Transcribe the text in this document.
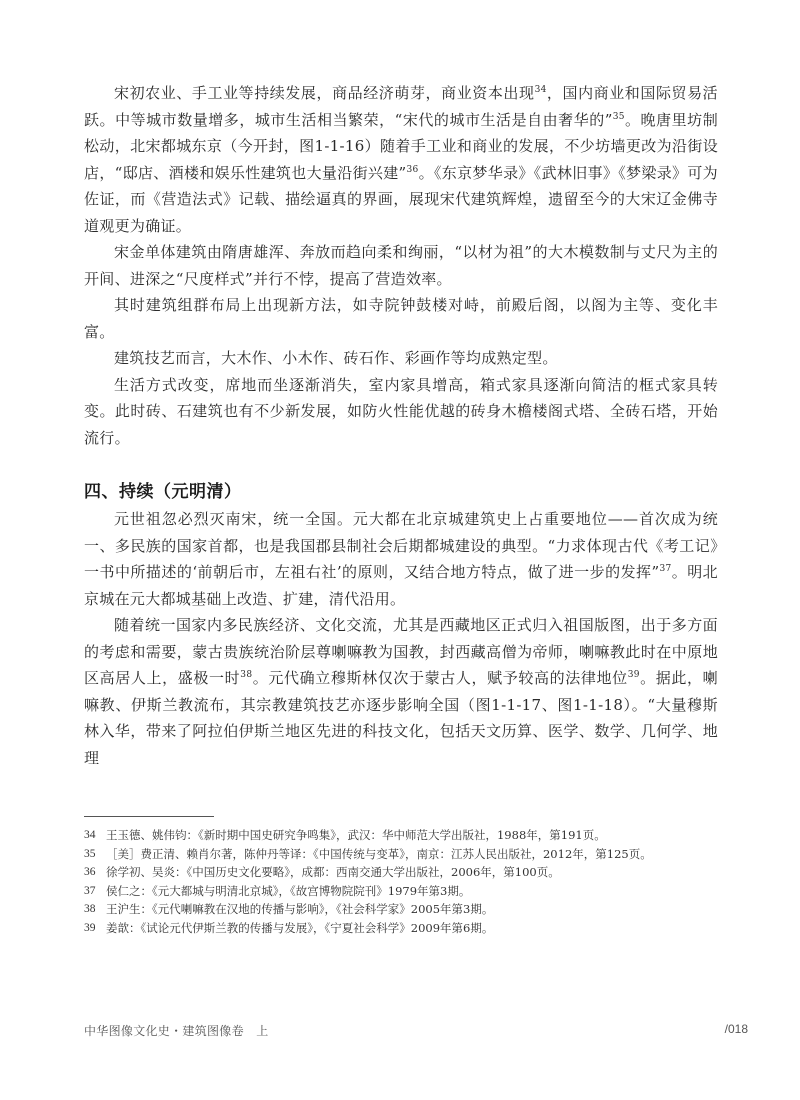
宋初农业、手工业等持续发展，商品经济萌芽，商业资本出现$^{34}$，国内商业和国际贸易活跃。中等城市数量增多，城市生活相当繁荣，“宋代的城市生活是自由奢华的”$^{35}$。晚唐里坊制松动，北宋都城东京（今开封，图1-1-16）随着手工业和商业的发展，不少坊墙更改为沿街设店，“邸店、酒楼和娱乐性建筑也大量沿街兴建”$^{36}$。《东京梦华录》《武林旧事》《梦梁录》可为佐证，而《营造法式》记载、描绘逼真的界画，展现宋代建筑辉煌，遗留至今的大宋辽金佛寺道观更为确证。

宋金单体建筑由隋唐雄浑、奔放而趋向柔和绚丽，“以材为祖”的大木模数制与丈尺为主的开间、进深之“尺度样式”并行不悖，提高了营造效率。

其时建筑组群布局上出现新方法，如寺院钟鼓楼对峙，前殿后阁，以阁为主等、变化丰富。

建筑技艺而言，大木作、小木作、砖石作、彩画作等均成熟定型。

生活方式改变，席地而坐逐渐消失，室内家具增高，箱式家具逐渐向简洁的框式家具转变。此时砖、石建筑也有不少新发展，如防火性能优越的砖身木檐楼阁式塔、全砖石塔，开始流行。

四、持续（元明清）

元世祖忽必烈灭南宋，统一全国。元大都在北京城建筑史上占重要地位——首次成为统一、多民族的国家首都，也是我国郡县制社会后期都城建设的典型。“力求体现古代《考工记》一书中所描述的‘前朝后市，左祖右社’的原则，又结合地方特点，做了进一步的发挥”$^{37}$。明北京城在元大都城基础上改造、扩建，清代沿用。

随着统一国家内多民族经济、文化交流，尤其是西藏地区正式归入祖国版图，出于多方面的考虑和需要，蒙古贵族统治阶层尊喇嘛教为国教，封西藏高僧为帝师，喇嘛教此时在中原地区高居人上，盛极一时$^{38}$。元代确立穆斯林仅次于蒙古人，赋予较高的法律地位$^{39}$。据此，喇嘛教、伊斯兰教流布，其宗教建筑技艺亦逐步影响全国（图1-1-17、图1-1-18）。“大量穆斯林入华，带来了阿拉伯伊斯兰地区先进的科技文化，包括天文历算、医学、数学、几何学、地理

34 王玉德、姚伟钧：《新时期中国史研究争鸣集》，武汉：华中师范大学出版社，1988年，第191页。
35 ［美］费正清、赖肖尔著，陈仲丹等译：《中国传统与变革》，南京：江苏人民出版社，2012年，第125页。
36 徐学初、吴炎：《中国历史文化要略》，成都：西南交通大学出版社，2006年，第100页。
37 侯仁之：《元大都城与明清北京城》，《故宫博物院院刊》1979年第3期。
38 王沪生：《元代喇嘛教在汉地的传播与影响》，《社会科学家》2005年第3期。
39 姜歆：《试论元代伊斯兰教的传播与发展》，《宁夏社会科学》2009年第6期。
中华图像文化史・建筑图像卷　上	/018
